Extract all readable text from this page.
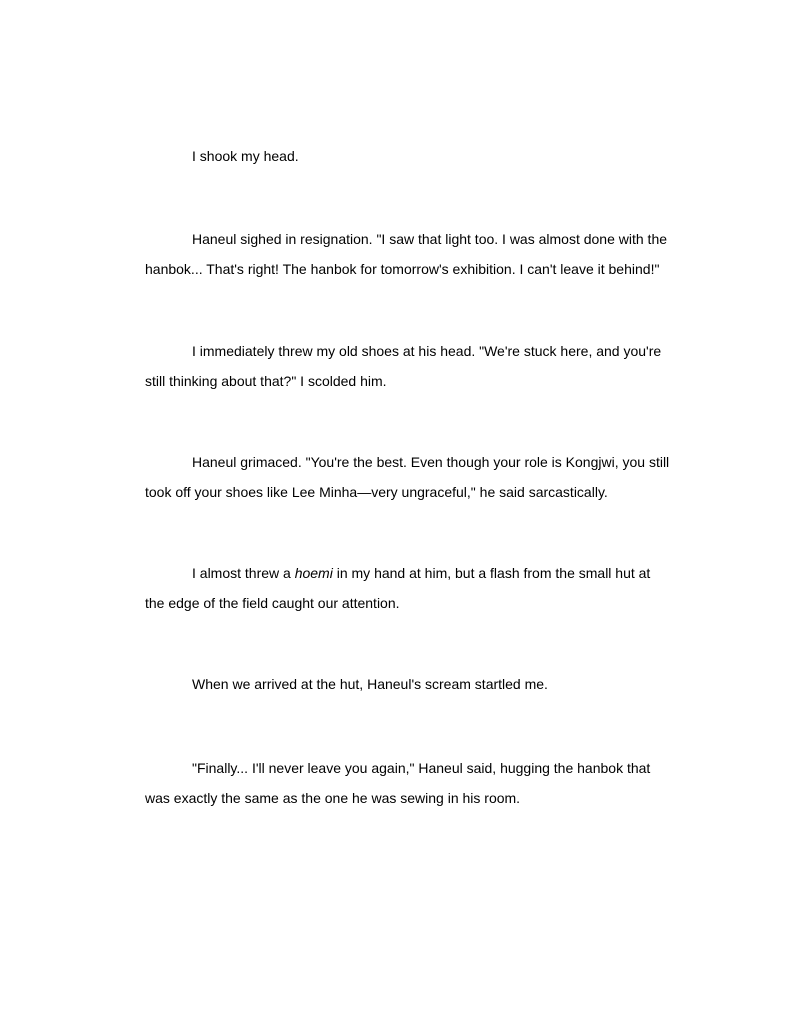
I shook my head.
Haneul sighed in resignation. "I saw that light too. I was almost done with the
hanbok... That's right! The hanbok for tomorrow's exhibition. I can't leave it behind!"
I immediately threw my old shoes at his head. "We're stuck here, and you're
still thinking about that?" I scolded him.
Haneul grimaced. "You're the best. Even though your role is Kongjwi, you still
took off your shoes like Lee Minha—very ungraceful," he said sarcastically.
I almost threw a hoemi in my hand at him, but a flash from the small hut at
the edge of the field caught our attention.
When we arrived at the hut, Haneul's scream startled me.
"Finally... I'll never leave you again," Haneul said, hugging the hanbok that
was exactly the same as the one he was sewing in his room.
